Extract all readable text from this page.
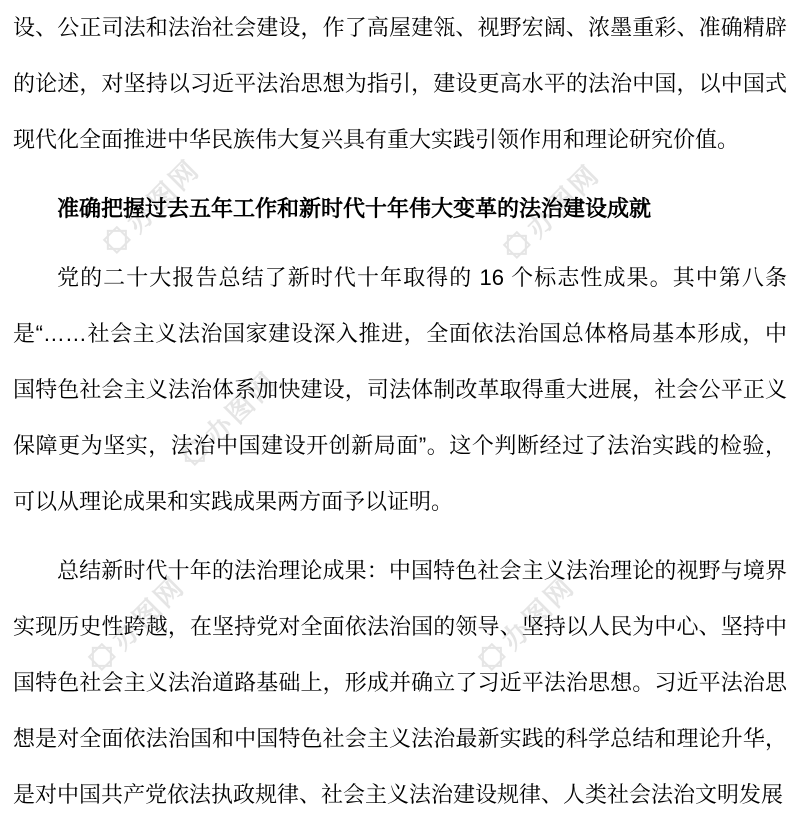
办图网	办图网
办图网
办图网	办图网

设、公正司法和法治社会建设，作了高屋建瓴、视野宏阔、浓墨重彩、准确精辟的论述，对坚持以习近平法治思想为指引，建设更高水平的法治中国，以中国式现代化全面推进中华民族伟大复兴具有重大实践引领作用和理论研究价值。

准确把握过去五年工作和新时代十年伟大变革的法治建设成就

党的二十大报告总结了新时代十年取得的 16 个标志性成果。其中第八条是“……社会主义法治国家建设深入推进，全面依法治国总体格局基本形成，中国特色社会主义法治体系加快建设，司法体制改革取得重大进展，社会公平正义保障更为坚实，法治中国建设开创新局面”。这个判断经过了法治实践的检验，可以从理论成果和实践成果两方面予以证明。

总结新时代十年的法治理论成果：中国特色社会主义法治理论的视野与境界实现历史性跨越，在坚持党对全面依法治国的领导、坚持以人民为中心、坚持中国特色社会主义法治道路基础上，形成并确立了习近平法治思想。习近平法治思想是对全面依法治国和中国特色社会主义法治最新实践的科学总结和理论升华，是对中国共产党依法执政规律、社会主义法治建设规律、人类社会法治文明发展
